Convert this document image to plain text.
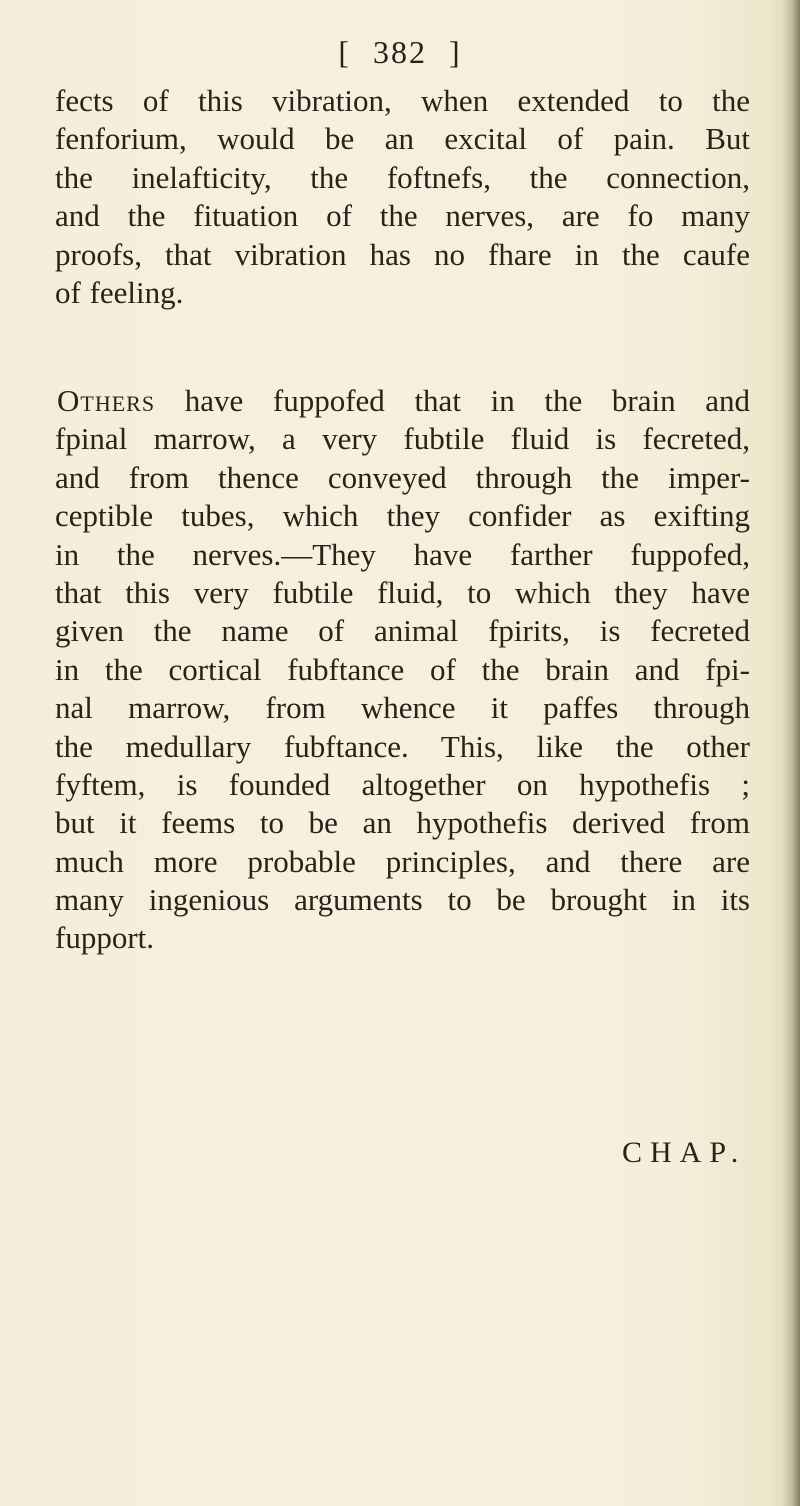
[ 382 ]
fects of this vibration, when extended to the
fenforium, would be an excital of pain. But
the inelafticity, the foftnefs, the connection,
and the fituation of the nerves, are fo many
proofs, that vibration has no fhare in the caufe
of feeling.
Others have fuppofed that in the brain and
fpinal marrow, a very fubtile fluid is fecreted,
and from thence conveyed through the imper-
ceptible tubes, which they confider as exifting
in the nerves.—They have farther fuppofed,
that this very fubtile fluid, to which they have
given the name of animal fpirits, is fecreted
in the cortical fubftance of the brain and fpi-
nal marrow, from whence it paffes through
the medullary fubftance. This, like the other
fyftem, is founded altogether on hypothefis ;
but it feems to be an hypothefis derived from
much more probable principles, and there are
many ingenious arguments to be brought in its
fupport.
CHAP.
